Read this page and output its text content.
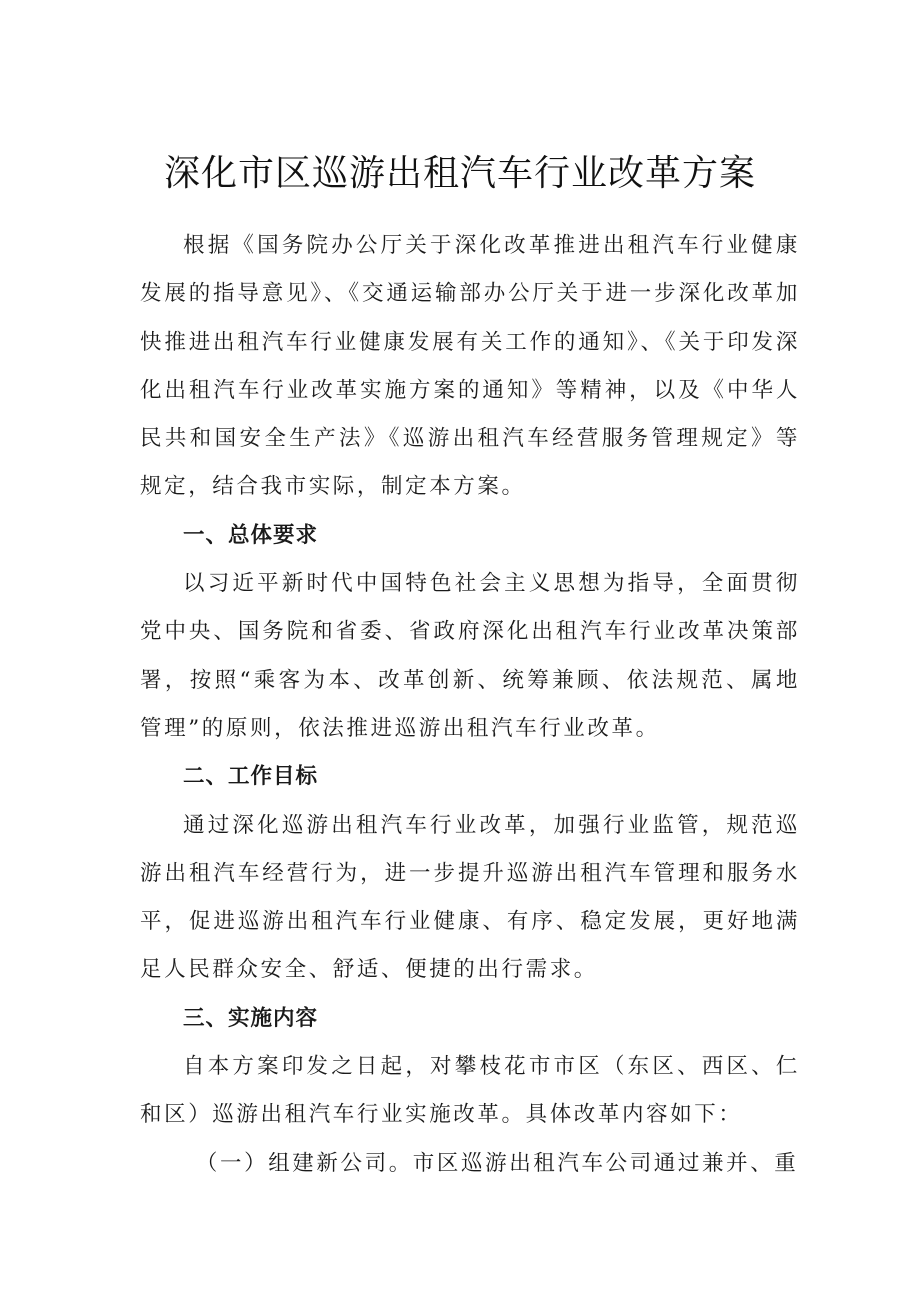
深化市区巡游出租汽车行业改革方案

根据《国务院办公厅关于深化改革推进出租汽车行业健康发展的指导意见》、《交通运输部办公厅关于进一步深化改革加快推进出租汽车行业健康发展有关工作的通知》、《关于印发深化出租汽车行业改革实施方案的通知》等精神，以及《中华人民共和国安全生产法》《巡游出租汽车经营服务管理规定》等规定，结合我市实际，制定本方案。

一、总体要求

以习近平新时代中国特色社会主义思想为指导，全面贯彻党中央、国务院和省委、省政府深化出租汽车行业改革决策部署，按照“乘客为本、改革创新、统筹兼顾、依法规范、属地管理”的原则，依法推进巡游出租汽车行业改革。

二、工作目标

通过深化巡游出租汽车行业改革，加强行业监管，规范巡游出租汽车经营行为，进一步提升巡游出租汽车管理和服务水平，促进巡游出租汽车行业健康、有序、稳定发展，更好地满足人民群众安全、舒适、便捷的出行需求。

三、实施内容

自本方案印发之日起，对攀枝花市市区（东区、西区、仁和区）巡游出租汽车行业实施改革。具体改革内容如下：

（一）组建新公司。市区巡游出租汽车公司通过兼并、重
